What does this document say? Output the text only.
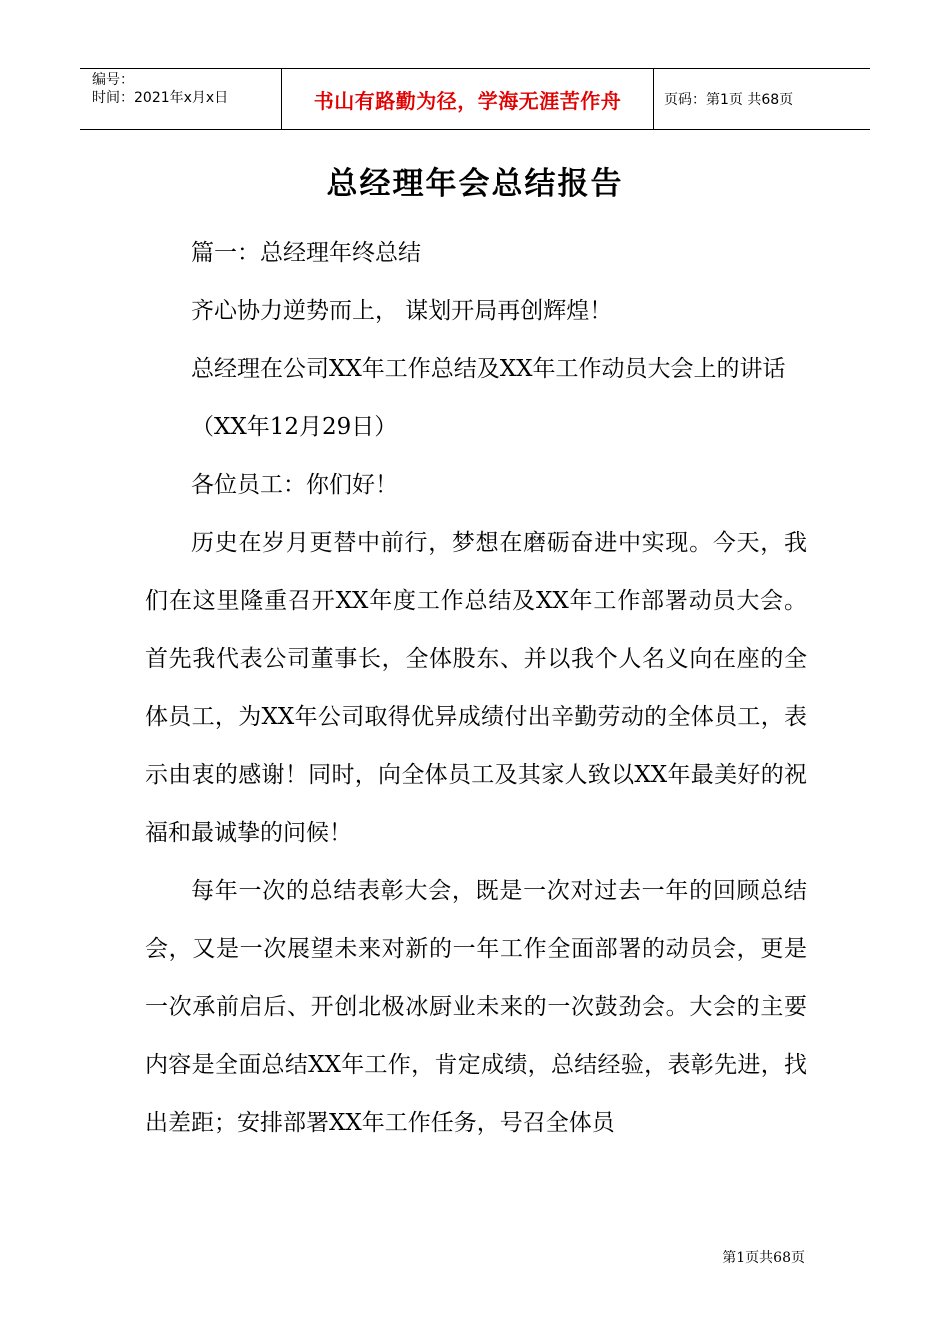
编号：
时间：2021年x月x日	书山有路勤为径，学海无涯苦作舟	页码：第1页 共68页
总经理年会总结报告

篇一：总经理年终总结

齐心协力逆势而上， 谋划开局再创辉煌！

总经理在公司XX年工作总结及XX年工作动员大会上的讲话

（XX年12月29日）

各位员工：你们好！

历史在岁月更替中前行，梦想在磨砺奋进中实现。今天，我们在这里隆重召开XX年度工作总结及XX年工作部署动员大会。首先我代表公司董事长，全体股东、并以我个人名义向在座的全体员工，为XX年公司取得优异成绩付出辛勤劳动的全体员工，表示由衷的感谢！同时，向全体员工及其家人致以XX年最美好的祝福和最诚挚的问候！

每年一次的总结表彰大会，既是一次对过去一年的回顾总结会，又是一次展望未来对新的一年工作全面部署的动员会，更是一次承前启后、开创北极冰厨业未来的一次鼓劲会。大会的主要内容是全面总结XX年工作，肯定成绩，总结经验，表彰先进，找出差距；安排部署XX年工作任务，号召全体员

第1页共68页
